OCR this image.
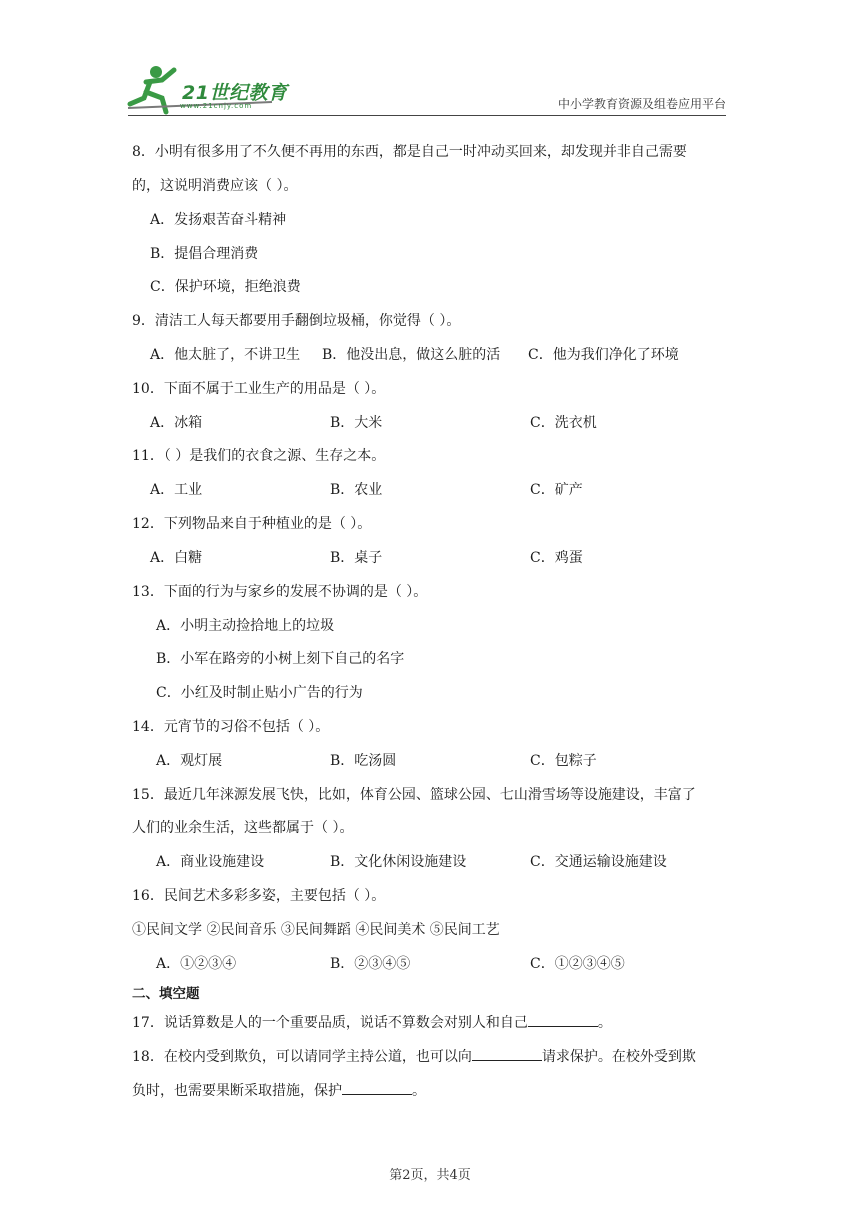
21世纪教育
www.21cnjy.com	中小学教育资源及组卷应用平台
8．小明有很多用了不久便不再用的东西，都是自己一时冲动买回来，却发现并非自己需要
的，这说明消费应该（ ）。
A．发扬艰苦奋斗精神
B．提倡合理消费
C．保护环境，拒绝浪费
9．清洁工人每天都要用手翻倒垃圾桶，你觉得（ ）。
A．他太脏了，不讲卫生 B．他没出息，做这么脏的活 C．他为我们净化了环境
10．下面不属于工业生产的用品是（ ）。
A．冰箱	B．大米	C．洗衣机
11．（ ）是我们的衣食之源、生存之本。
A．工业	B．农业	C．矿产
12．下列物品来自于种植业的是（ ）。
A．白糖	B．桌子	C．鸡蛋
13．下面的行为与家乡的发展不协调的是（ ）。
A．小明主动捡拾地上的垃圾
B．小军在路旁的小树上刻下自己的名字
C．小红及时制止贴小广告的行为
14．元宵节的习俗不包括（ ）。
A．观灯展	B．吃汤圆	C．包粽子
15．最近几年涞源发展飞快，比如，体育公园、篮球公园、七山滑雪场等设施建设，丰富了
人们的业余生活，这些都属于（ ）。
A．商业设施建设	B．文化休闲设施建设	C．交通运输设施建设
16．民间艺术多彩多姿，主要包括（ ）。
①民间文学 ②民间音乐 ③民间舞蹈 ④民间美术 ⑤民间工艺
A．①②③④	B．②③④⑤	C．①②③④⑤
二、填空题
17．说话算数是人的一个重要品质，说话不算数会对别人和自己	。
18．在校内受到欺负，可以请同学主持公道，也可以向	请求保护。在校外受到欺
负时，也需要果断采取措施，保护	。
第2页，共4页
